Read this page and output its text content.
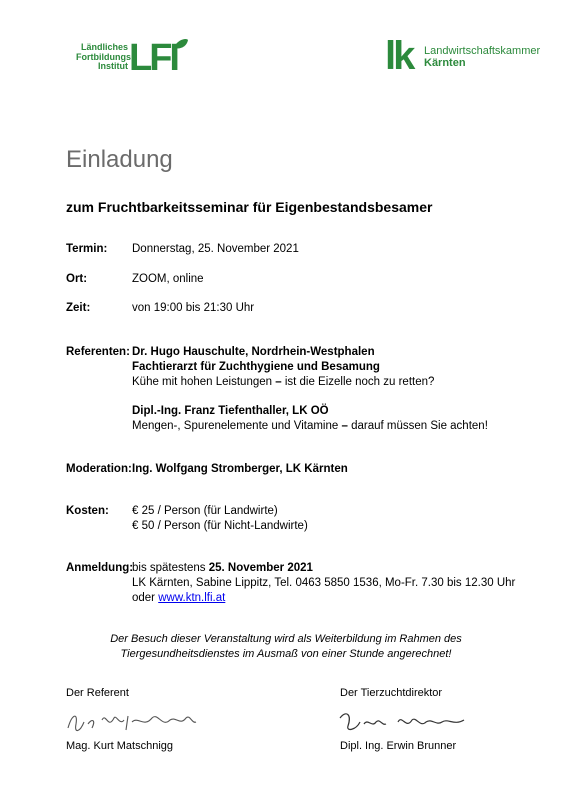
Ländliches
Fortbildungs
Institut LFI	lk	Landwirtschaftskammer
Kärnten
Einladung
zum Fruchtbarkeitsseminar für Eigenbestandsbesamer
Termin: Donnerstag, 25. November 2021
Ort:	ZOOM, online
Zeit:	von 19:00 bis 21:30 Uhr
Referenten: Dr. Hugo Hauschulte, Nordrhein-Westphalen
Fachtierarzt für Zuchthygiene und Besamung
Kühe mit hohen Leistungen – ist die Eizelle noch zu retten?
Dipl.-Ing. Franz Tiefenthaller, LK OÖ
Mengen-, Spurenelemente und Vitamine – darauf müssen Sie achten!
Moderation: Ing. Wolfgang Stromberger, LK Kärnten
Kosten: € 25 / Person (für Landwirte)
€ 50 / Person (für Nicht-Landwirte)
Anmeldung:
bis spätestens 25. November 2021
LK Kärnten, Sabine Lippitz, Tel. 0463 5850 1536, Mo-Fr. 7.30 bis 12.30 Uhr
oder www.ktn.lfi.at
Der Besuch dieser Veranstaltung wird als Weiterbildung im Rahmen des
Tiergesundheitsdienstes im Ausmaß von einer Stunde angerechnet!
Der Referent
Mag. Kurt Matschnigg
Der Tierzuchtdirektor
Dipl. Ing. Erwin Brunner
